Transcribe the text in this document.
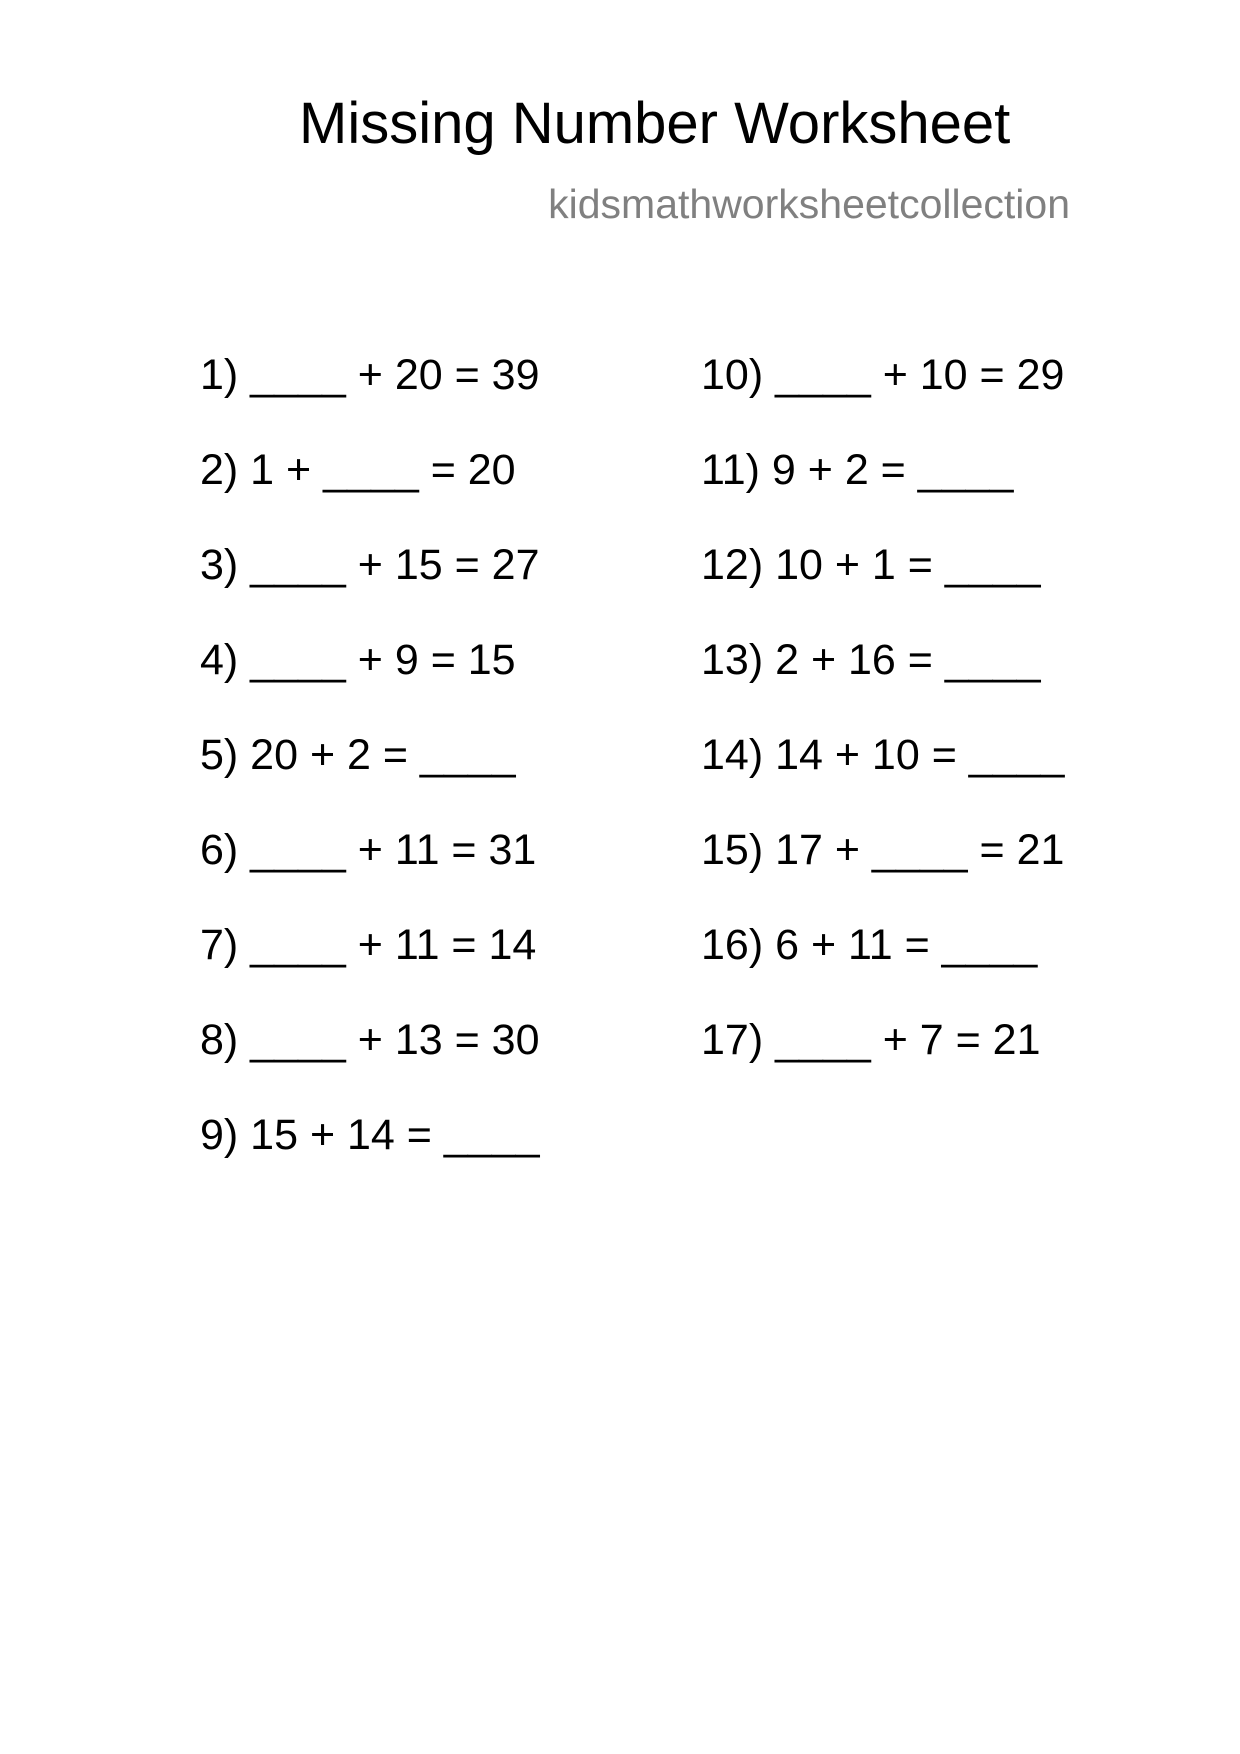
Missing Number Worksheet
kidsmathworksheetcollection
1) ____ + 20 = 39
2) 1 + ____ = 20
3) ____ + 15 = 27
4) ____ + 9 = 15
5) 20 + 2 = ____
6) ____ + 11 = 31
7) ____ + 11 = 14
8) ____ + 13 = 30
9) 15 + 14 = ____
10) ____ + 10 = 29
11) 9 + 2 = ____
12) 10 + 1 = ____
13) 2 + 16 = ____
14) 14 + 10 = ____
15) 17 + ____ = 21
16) 6 + 11 = ____
17) ____ + 7 = 21
